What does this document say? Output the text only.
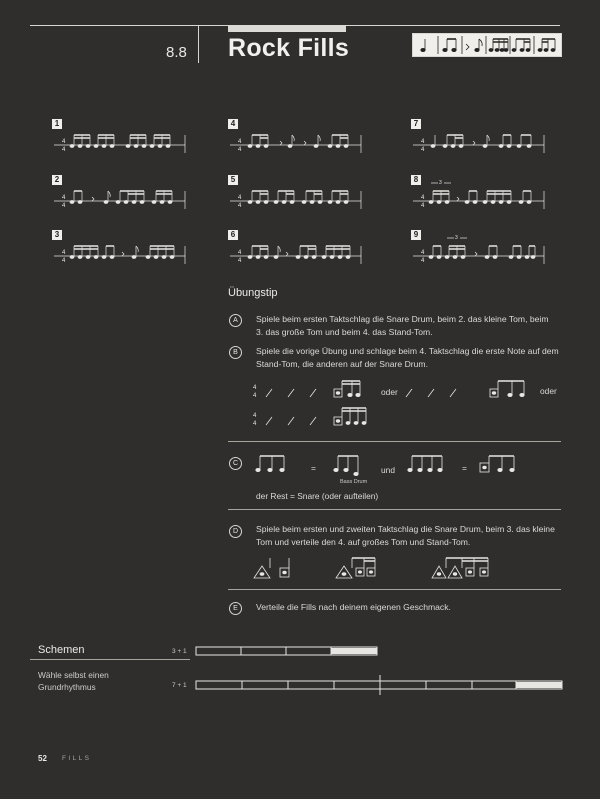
8.8 Rock Fills
1	4	7
2	5	8
3	6	9
4
4
4
4
4
4
4
4
4
4
4
4
3
4
4
4
4
4
4
3
Übungstip
A	Spiele beim ersten Taktschlag die Snare Drum, beim 2. das kleine Tom, beim 3. das große Tom und beim 4. das Stand-Tom.
B	Spiele die vorige Übung und schlage beim 4. Taktschlag die erste Note auf dem Stand-Tom, die anderen auf der Snare Drum.
4
4	oder	oder
4
4
C	=	und	=
Bass Drum
der Rest = Snare (oder aufteilen)
D	Spiele beim ersten und zweiten Taktschlag die Snare Drum, beim 3. das kleine Tom und verteile den 4. auf großes Tom und Stand-Tom.
E	Verteile die Fills nach deinem eigenen Geschmack.
Schemen
Wähle selbst einen Grundrhythmus
3 + 1
7 + 1
52 FILLS
